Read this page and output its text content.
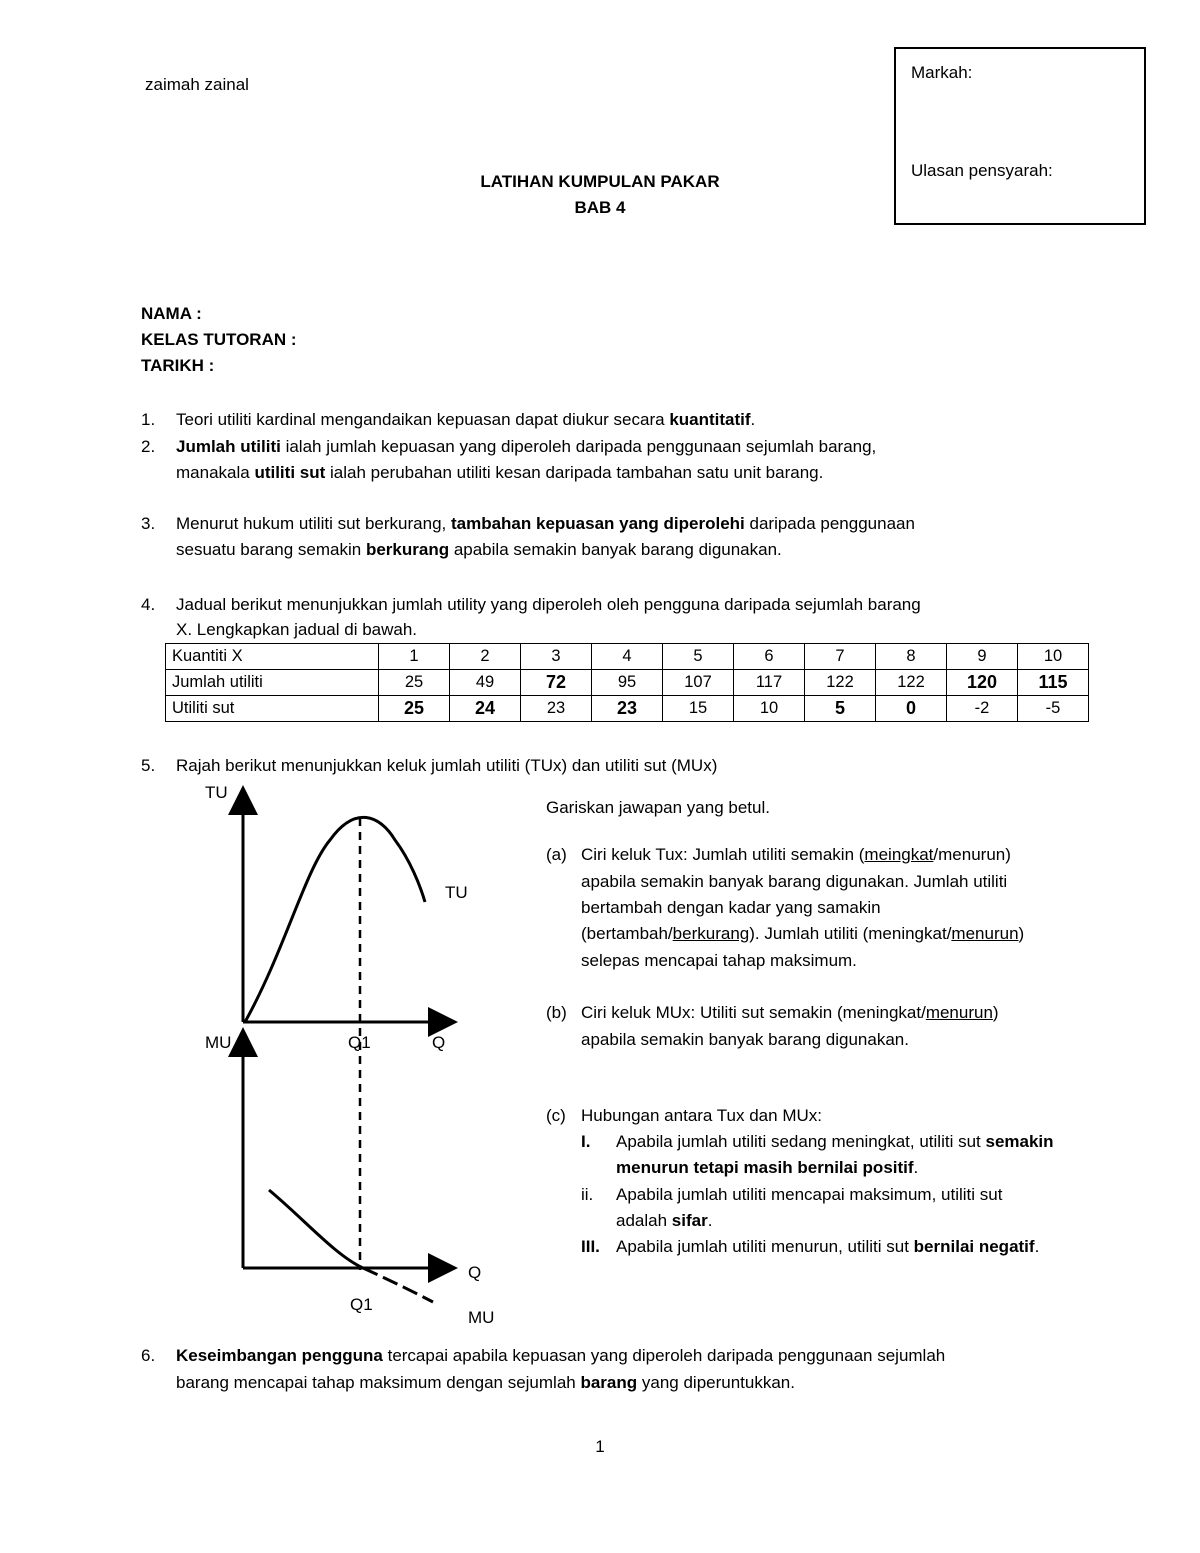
zaimah zainal
Markah:
Ulasan pensyarah:
LATIHAN KUMPULAN PAKAR
BAB 4
NAMA :
KELAS TUTORAN :
TARIKH :
1. Teori utiliti kardinal mengandaikan kepuasan dapat diukur secara kuantitatif.
2. Jumlah utiliti ialah jumlah kepuasan yang diperoleh daripada penggunaan sejumlah barang,
manakala utiliti sut ialah perubahan utiliti kesan daripada tambahan satu unit barang.
3. Menurut hukum utiliti sut berkurang, tambahan kepuasan yang diperolehi daripada penggunaan
sesuatu barang semakin berkurang apabila semakin banyak barang digunakan.
4. Jadual berikut menunjukkan jumlah utility yang diperoleh oleh pengguna daripada sejumlah barang
X. Lengkapkan jadual di bawah.
Kuantiti X	1	2	3	4	5	6	7	8	9	10
Jumlah utiliti	25	49	72	95	107	117	122	122	120	115
Utiliti sut	25	24	23	23	15	10	5	0	-2	-5
5. Rajah berikut menunjukkan keluk jumlah utiliti (TUx) dan utiliti sut (MUx)
TU
TU
MU	Q1	Q
Q
Q1
MU
Gariskan jawapan yang betul.
(a) Ciri keluk Tux: Jumlah utiliti semakin (meingkat/menurun)
apabila semakin banyak barang digunakan. Jumlah utiliti
bertambah dengan kadar yang samakin
(bertambah/berkurang). Jumlah utiliti (meningkat/menurun)
selepas mencapai tahap maksimum.
(b) Ciri keluk MUx: Utiliti sut semakin (meningkat/menurun)
apabila semakin banyak barang digunakan.
(c) Hubungan antara Tux dan MUx:
I. Apabila jumlah utiliti sedang meningkat, utiliti sut semakin
menurun tetapi masih bernilai positif.
ii. Apabila jumlah utiliti mencapai maksimum, utiliti sut
adalah sifar.
III. Apabila jumlah utiliti menurun, utiliti sut bernilai negatif.
6. Keseimbangan pengguna tercapai apabila kepuasan yang diperoleh daripada penggunaan sejumlah
barang mencapai tahap maksimum dengan sejumlah barang yang diperuntukkan.
1
